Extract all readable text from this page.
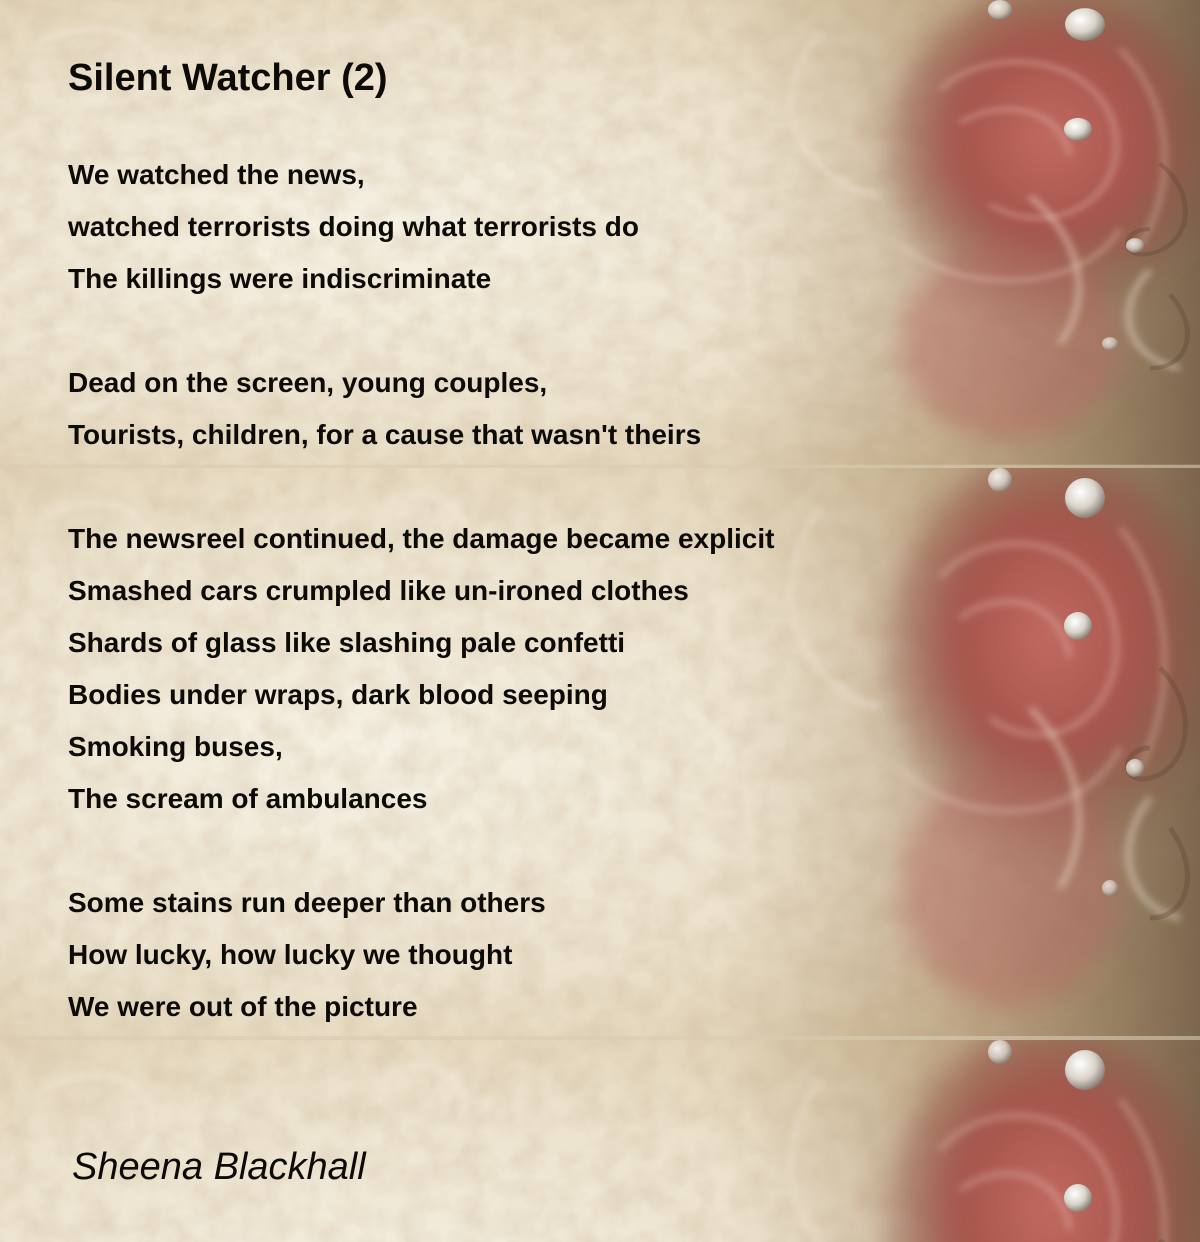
Silent Watcher (2)
We watched the news,
watched terrorists doing what terrorists do
The killings were indiscriminate
Dead on the screen, young couples,
Tourists, children, for a cause that wasn't theirs
The newsreel continued, the damage became explicit
Smashed cars crumpled like un-ironed clothes
Shards of glass like slashing pale confetti
Bodies under wraps, dark blood seeping
Smoking buses,
The scream of ambulances
Some stains run deeper than others
How lucky, how lucky we thought
We were out of the picture
Sheena Blackhall
